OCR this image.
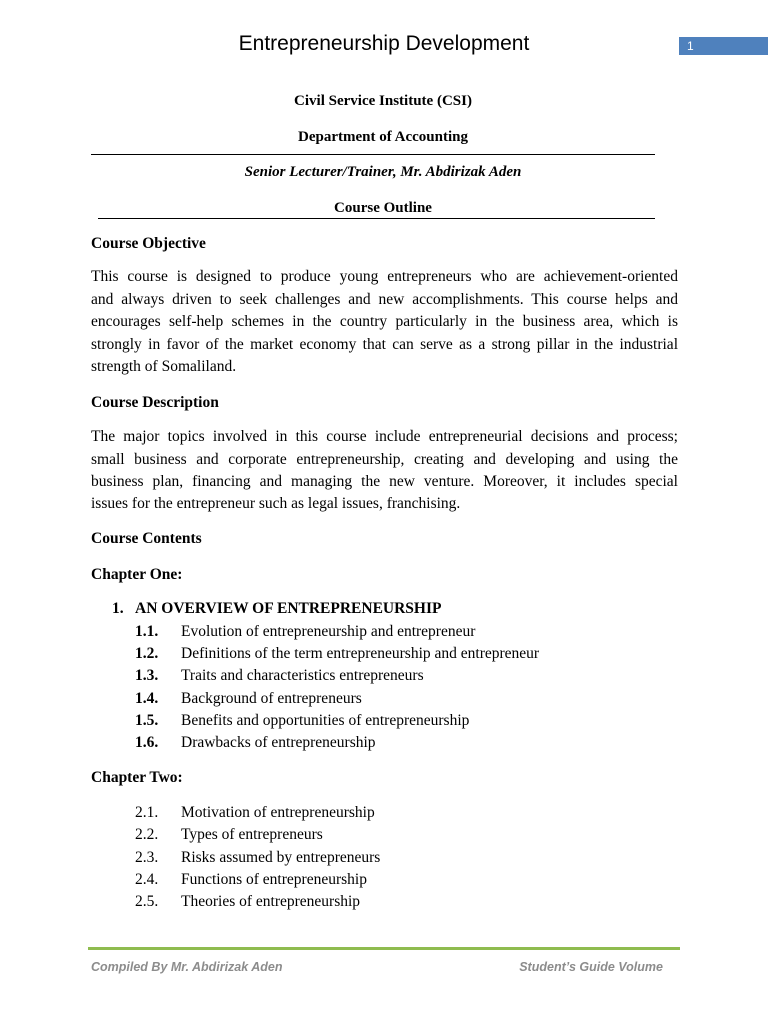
Entrepreneurship Development	1
Civil Service Institute (CSI)
Department of Accounting
Senior Lecturer/Trainer, Mr. Abdirizak Aden
Course Outline
Course Objective
This course is designed to produce young entrepreneurs who are achievement-oriented
and always driven to seek challenges and new accomplishments. This course helps and
encourages self-help schemes in the country particularly in the business area, which is
strongly in favor of the market economy that can serve as a strong pillar in the industrial
strength of Somaliland.
Course Description
The major topics involved in this course include entrepreneurial decisions and process;
small business and corporate entrepreneurship, creating and developing and using the
business plan, financing and managing the new venture. Moreover, it includes special
issues for the entrepreneur such as legal issues, franchising.
Course Contents
Chapter One:
1. AN OVERVIEW OF ENTREPRENEURSHIP
1.1. Evolution of entrepreneurship and entrepreneur
1.2. Definitions of the term entrepreneurship and entrepreneur
1.3. Traits and characteristics entrepreneurs
1.4. Background of entrepreneurs
1.5. Benefits and opportunities of entrepreneurship
1.6. Drawbacks of entrepreneurship
Chapter Two:
2.1. Motivation of entrepreneurship
2.2. Types of entrepreneurs
2.3. Risks assumed by entrepreneurs
2.4. Functions of entrepreneurship
2.5. Theories of entrepreneurship
Compiled By Mr. Abdirizak Aden	Student’s Guide Volume
